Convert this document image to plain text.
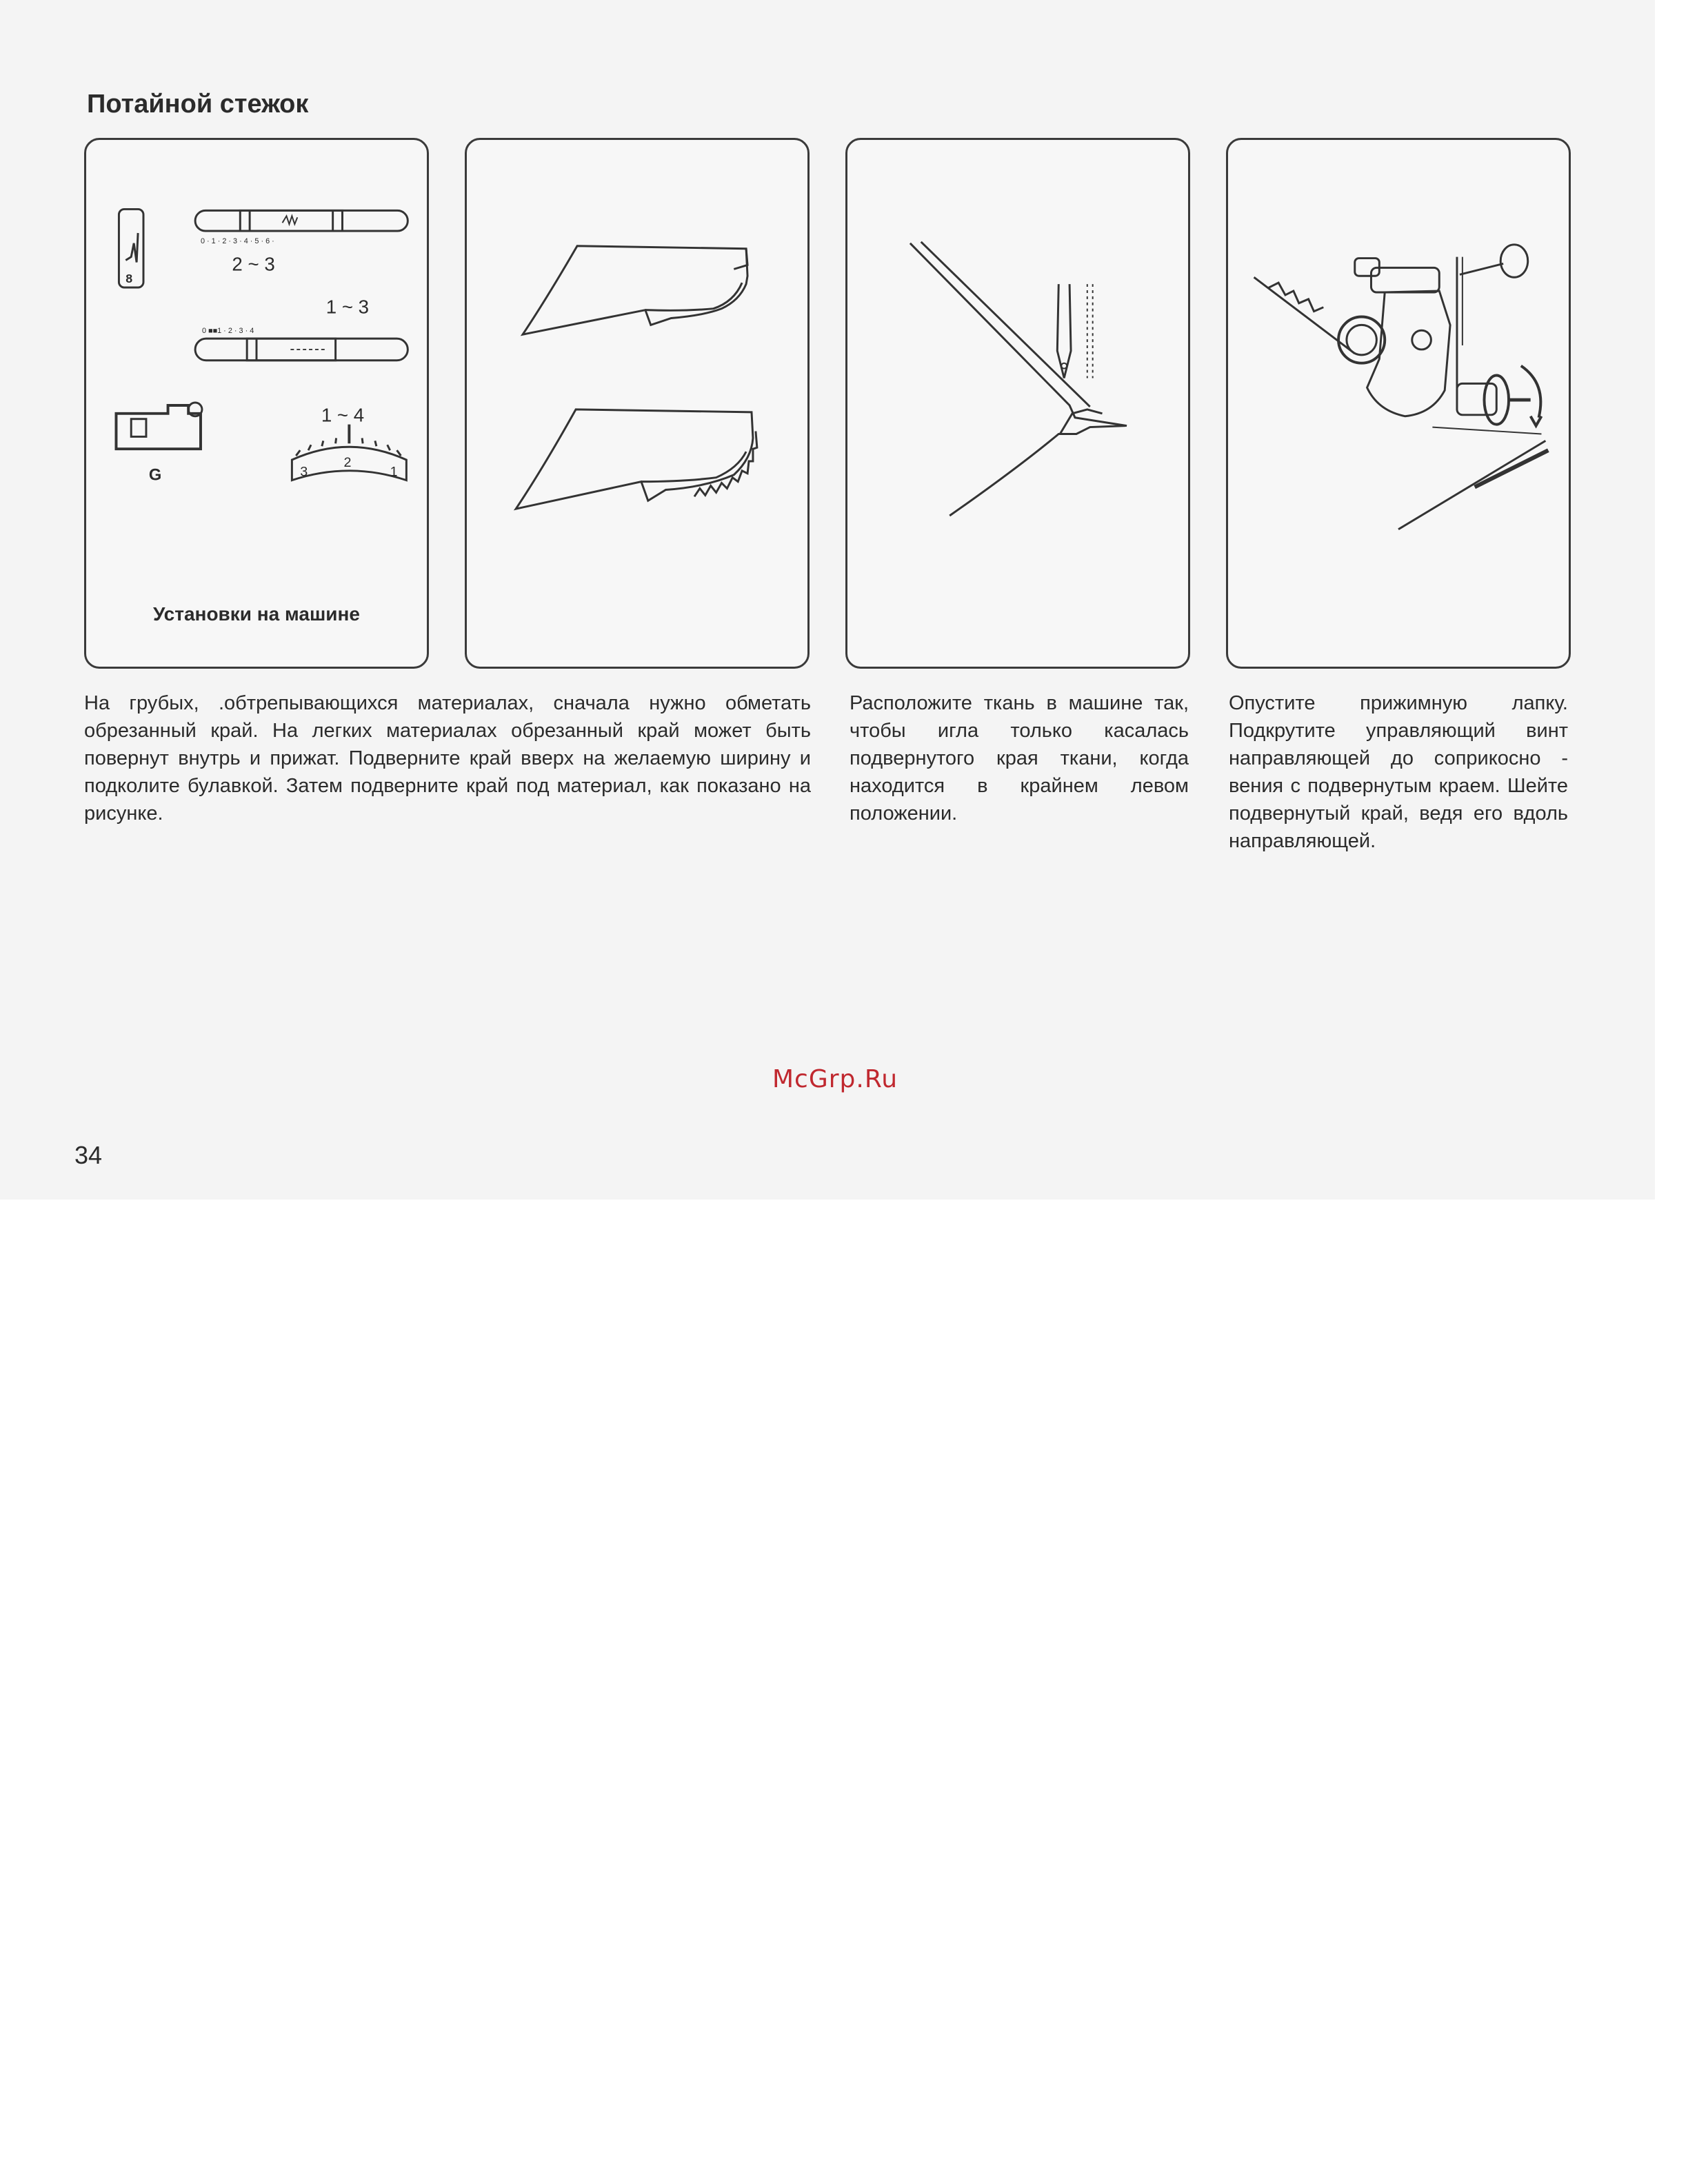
Потайной стежок
8
0 · 1 · 2 · 3 · 4 · 5 · 6 ·
2 ~ 3
1 ~ 3
0 ■■1 · 2 · 3 · 4
G
1 ~ 4
3
2
1
Установки на машине
На грубых, .обтрепывающихся материалах, сначала нужно обметать обрезанный край. На легких материалах обрезанный край может быть повернут внутрь и прижат. Подверните край вверх на желаемую ширину и подколите булавкой. Затем подверните край под материал, как показано на рисунке.
Расположите ткань в машине так, чтобы игла только касалась подвернутого края ткани, когда находится в крайнем левом положении.
Опустите прижимную лапку. Подкрутите управляющий винт направляющей до соприкосно - вения с подвернутым краем. Шейте подвернутый край, ведя его вдоль направляющей.
McGrp.Ru
34
